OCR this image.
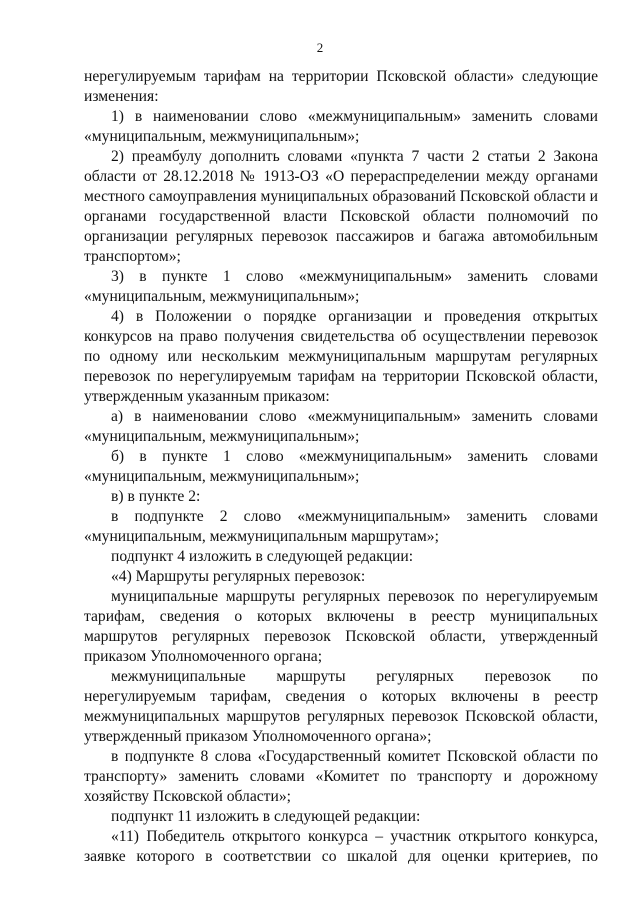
2

нерегулируемым тарифам на территории Псковской области» следующие изменения:

1) в наименовании слово «межмуниципальным» заменить словами «муниципальным, межмуниципальным»;

2) преамбулу дополнить словами «пункта 7 части 2 статьи 2 Закона области от 28.12.2018 № 1913-ОЗ «О перераспределении между органами местного самоуправления муниципальных образований Псковской области и органами государственной власти Псковской области полномочий по организации регулярных перевозок пассажиров и багажа автомобильным транспортом»;

3) в пункте 1 слово «межмуниципальным» заменить словами «муниципальным, межмуниципальным»;

4) в Положении о порядке организации и проведения открытых конкурсов на право получения свидетельства об осуществлении перевозок по одному или нескольким межмуниципальным маршрутам регулярных перевозок по нерегулируемым тарифам на территории Псковской области, утвержденным указанным приказом:

а) в наименовании слово «межмуниципальным» заменить словами «муниципальным, межмуниципальным»;

б) в пункте 1 слово «межмуниципальным» заменить словами «муниципальным, межмуниципальным»;

в) в пункте 2:

в подпункте 2 слово «межмуниципальным» заменить словами «муниципальным, межмуниципальным маршрутам»;

подпункт 4 изложить в следующей редакции:

«4) Маршруты регулярных перевозок:

муниципальные маршруты регулярных перевозок по нерегулируемым тарифам, сведения о которых включены в реестр муниципальных маршрутов регулярных перевозок Псковской области, утвержденный приказом Уполномоченного органа;

межмуниципальные маршруты регулярных перевозок по нерегулируемым тарифам, сведения о которых включены в реестр межмуниципальных маршрутов регулярных перевозок Псковской области, утвержденный приказом Уполномоченного органа»;

в подпункте 8 слова «Государственный комитет Псковской области по транспорту» заменить словами «Комитет по транспорту и дорожному хозяйству Псковской области»;

подпункт 11 изложить в следующей редакции:

«11) Победитель открытого конкурса – участник открытого конкурса, заявке которого в соответствии со шкалой для оценки критериев, по
